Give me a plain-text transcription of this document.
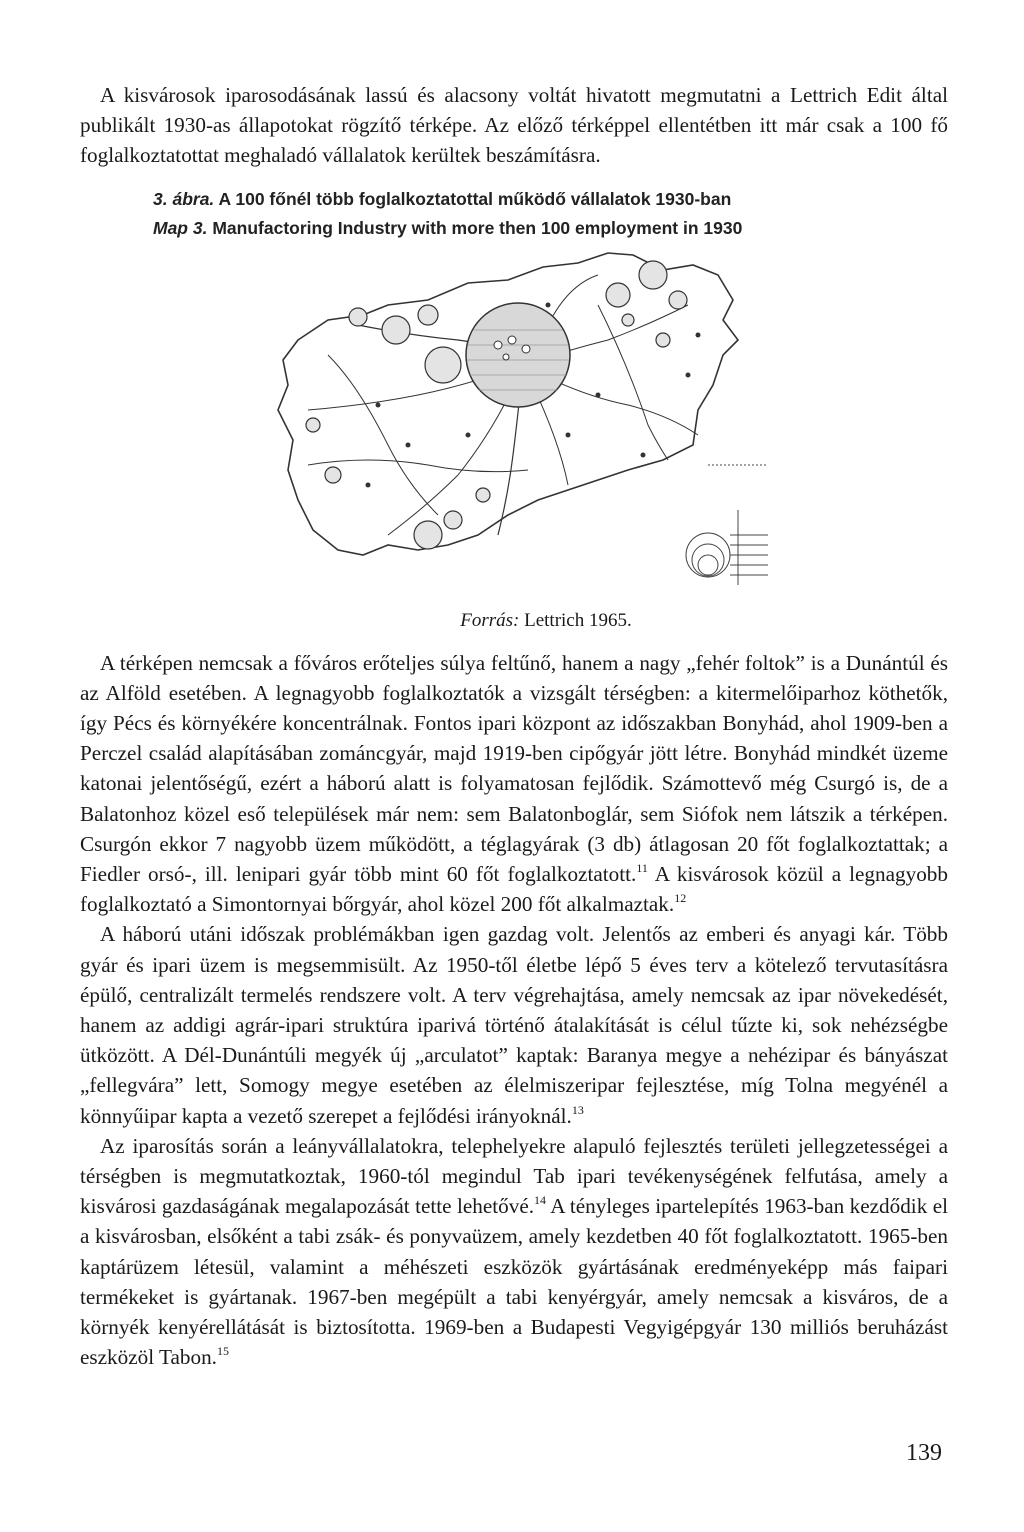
A kisvárosok iparosodásának lassú és alacsony voltát hivatott megmutatni a Lettrich Edit által publikált 1930-as állapotokat rögzítő térképe. Az előző térképpel ellentétben itt már csak a 100 fő foglalkoztatottat meghaladó vállalatok kerültek beszámításra.

3. ábra. A 100 főnél több foglalkoztatottal működő vállalatok 1930-ban
Map 3. Manufactoring Industry with more then 100 employment in 1930
Forrás: Lettrich 1965.

A térképen nemcsak a főváros erőteljes súlya feltűnő, hanem a nagy „fehér foltok” is a Dunántúl és az Alföld esetében. A legnagyobb foglalkoztatók a vizsgált térségben: a kitermelőiparhoz köthetők, így Pécs és környékére koncentrálnak. Fontos ipari központ az időszakban Bonyhád, ahol 1909-ben a Perczel család alapításában zománcgyár, majd 1919-ben cipőgyár jött létre. Bonyhád mindkét üzeme katonai jelentőségű, ezért a háború alatt is folyamatosan fejlődik. Számottevő még Csurgó is, de a Balatonhoz közel eső települések már nem: sem Balatonboglár, sem Siófok nem látszik a térképen. Csurgón ekkor 7 nagyobb üzem működött, a téglagyárak (3 db) átlagosan 20 főt foglalkoztattak; a Fiedler orsó-, ill. lenipari gyár több mint 60 főt foglalkoztatott.$^{11}$ A kisvárosok közül a legnagyobb foglalkoztató a Simontornyai bőrgyár, ahol közel 200 főt alkalmaztak.$^{12}$

A háború utáni időszak problémákban igen gazdag volt. Jelentős az emberi és anyagi kár. Több gyár és ipari üzem is megsemmisült. Az 1950-től életbe lépő 5 éves terv a kötelező tervutasításra épülő, centralizált termelés rendszere volt. A terv végrehajtása, amely nemcsak az ipar növekedését, hanem az addigi agrár-ipari struktúra iparivá történő átalakítását is célul tűzte ki, sok nehézségbe ütközött. A Dél-Dunántúli megyék új „arculatot” kaptak: Baranya megye a nehézipar és bányászat „fellegvára” lett, Somogy megye esetében az élelmiszeripar fejlesztése, míg Tolna megyénél a könnyűipar kapta a vezető szerepet a fejlődési irányoknál.$^{13}$

Az iparosítás során a leányvállalatokra, telephelyekre alapuló fejlesztés területi jellegzetességei a térségben is megmutatkoztak, 1960-tól megindul Tab ipari tevékenységének felfutása, amely a kisvárosi gazdaságának megalapozását tette lehetővé.$^{14}$ A tényleges ipartelepítés 1963-ban kezdődik el a kisvárosban, elsőként a tabi zsák- és ponyvaüzem, amely kezdetben 40 főt foglalkoztatott. 1965-ben kaptárüzem létesül, valamint a méhészeti eszközök gyártásának eredményeképp más faipari termékeket is gyártanak. 1967-ben megépült a tabi kenyérgyár, amely nemcsak a kisváros, de a környék kenyérellátását is biztosította. 1969-ben a Budapesti Vegyigépgyár 130 milliós beruházást eszközöl Tabon.$^{15}$

139
